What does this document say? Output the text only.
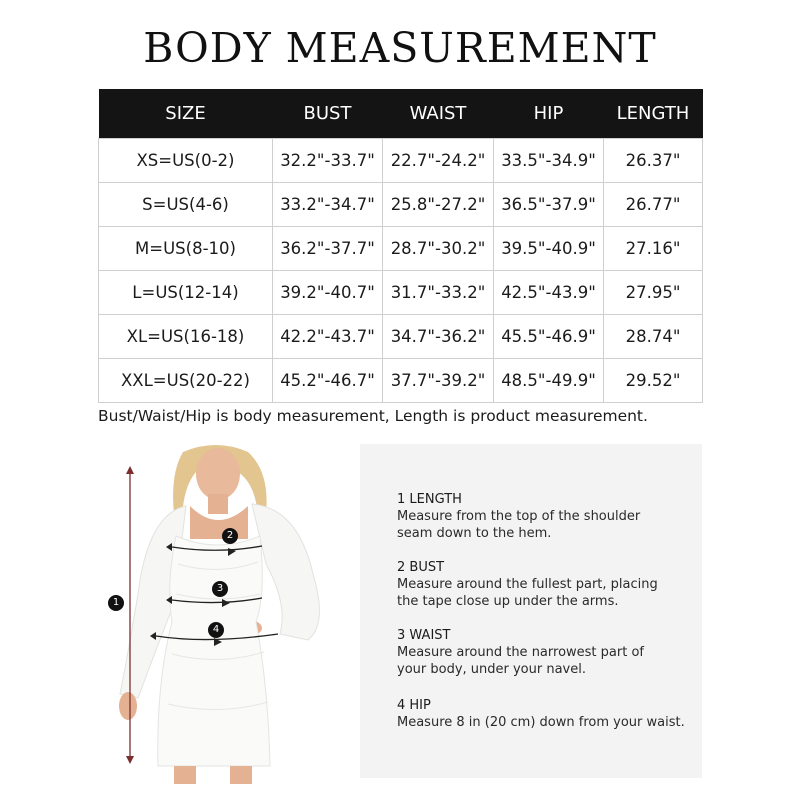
BODY MEASUREMENT
SIZE	BUST	WAIST	HIP	LENGTH
XS=US(0-2)	32.2"-33.7"	22.7"-24.2"	33.5"-34.9"	26.37"
S=US(4-6)	33.2"-34.7"	25.8"-27.2"	36.5"-37.9"	26.77"
M=US(8-10)	36.2"-37.7"	28.7"-30.2"	39.5"-40.9"	27.16"
L=US(12-14)	39.2"-40.7"	31.7"-33.2"	42.5"-43.9"	27.95"
XL=US(16-18)	42.2"-43.7"	34.7"-36.2"	45.5"-46.9"	28.74"
XXL=US(20-22)	45.2"-46.7"	37.7"-39.2"	48.5"-49.9"	29.52"
Bust/Waist/Hip is body measurement, Length is product measurement.
1
2
3
4
1 LENGTH
Measure from the top of the shoulder
seam down to the hem.
2 BUST
Measure around the fullest part, placing
the tape close up under the arms.
3 WAIST
Measure around the narrowest part of
your body, under your navel.
4 HIP
Measure 8 in (20 cm) down from your waist.
